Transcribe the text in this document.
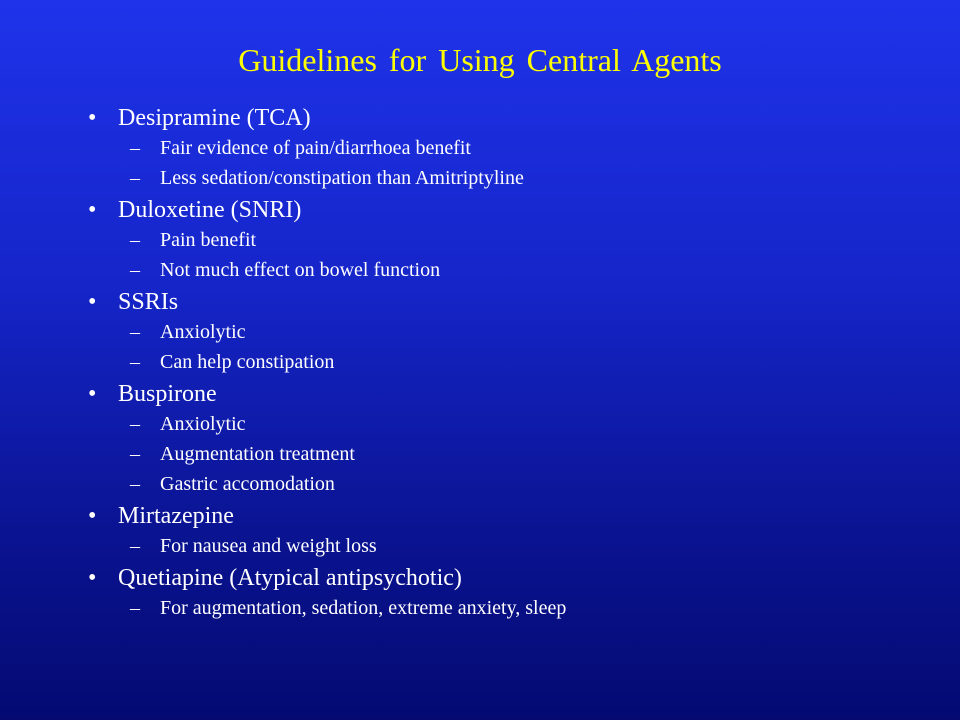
Guidelines for Using Central Agents
• Desipramine (TCA)
– Fair evidence of pain/diarrhoea benefit
– Less sedation/constipation than Amitriptyline
• Duloxetine (SNRI)
– Pain benefit
– Not much effect on bowel function
• SSRIs
– Anxiolytic
– Can help constipation
• Buspirone
– Anxiolytic
– Augmentation treatment
– Gastric accomodation
• Mirtazepine
– For nausea and weight loss
• Quetiapine (Atypical antipsychotic)
– For augmentation, sedation, extreme anxiety, sleep
